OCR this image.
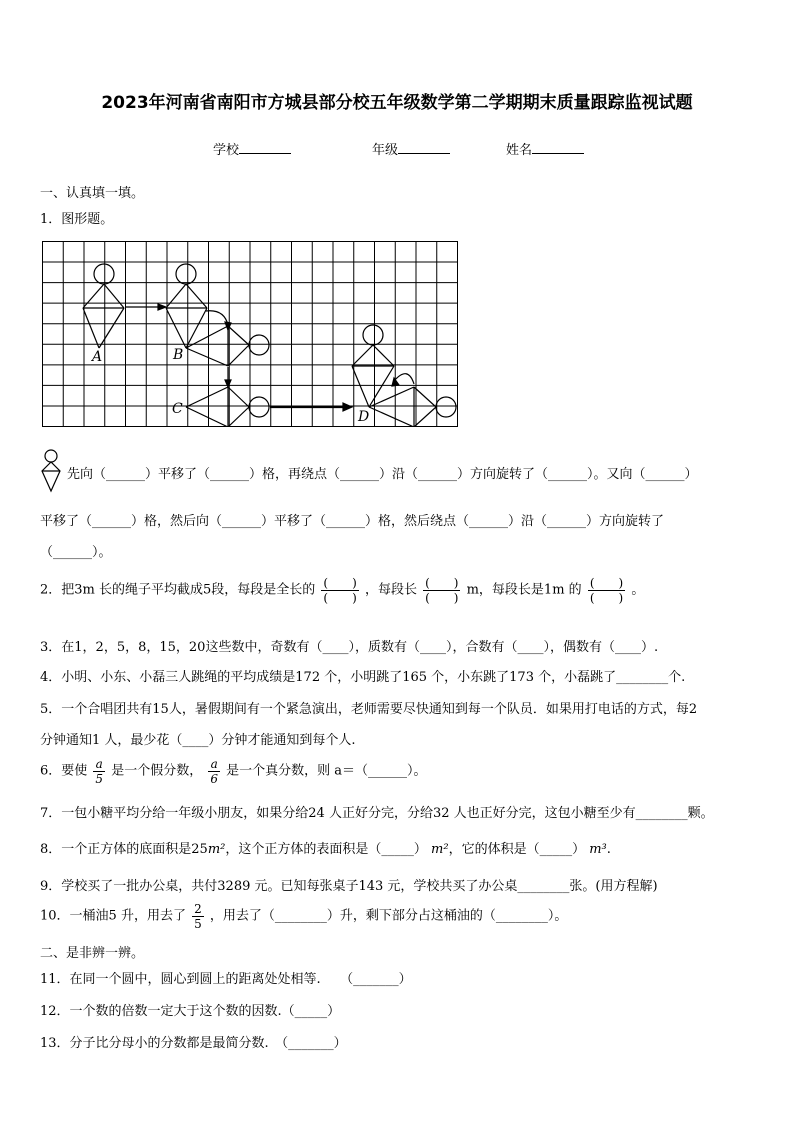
2023年河南省南阳市方城县部分校五年级数学第二学期期末质量跟踪监视试题
学校	年级	姓名
一、认真填一填。
1．图形题。
A	B
C	D
先向（______）平移了（______）格，再绕点（______）沿（______）方向旋转了（______）。又向（______）
平移了（______）格，然后向（______）平移了（______）格，然后绕点（______）沿（______）方向旋转了
（______）。
2．把3m 长的绳子平均截成5段，每段是全长的 $\frac{( )}{( )}$ ，每段长 $\frac{( )}{( )}$ m，每段长是1m 的 $\frac{( )}{( )}$ 。
3．在1，2，5，8，15，20这些数中，奇数有（____），质数有（____），合数有（____），偶数有（____）.
4．小明、小东、小磊三人跳绳的平均成绩是172 个，小明跳了165 个，小东跳了173 个，小磊跳了________个.
5．一个合唱团共有15人，暑假期间有一个紧急演出，老师需要尽快通知到每一个队员．如果用打电话的方式，每2
分钟通知1 人，最少花（____）分钟才能通知到每个人.
6．要使 $\frac{a}{5}$ 是一个假分数， $\frac{a}{6}$ 是一个真分数，则 a＝（______）。
7．一包小糖平均分给一年级小朋友，如果分给24 人正好分完，分给32 人也正好分完，这包小糖至少有________颗。
8．一个正方体的底面积是25m²，这个正方体的表面积是（_____） m²，它的体积是（_____） m³.
9．学校买了一批办公桌，共付3289 元。已知每张桌子143 元，学校共买了办公桌________张。(用方程解)
10．一桶油5 升，用去了 $\frac{2}{5}$ ，用去了（________）升，剩下部分占这桶油的（________）。
二、是非辨一辨。
11．在同一个圆中，圆心到圆上的距离处处相等.　　（_______）
12．一个数的倍数一定大于这个数的因数.（_____）
13．分子比分母小的分数都是最简分数.　（_______）
